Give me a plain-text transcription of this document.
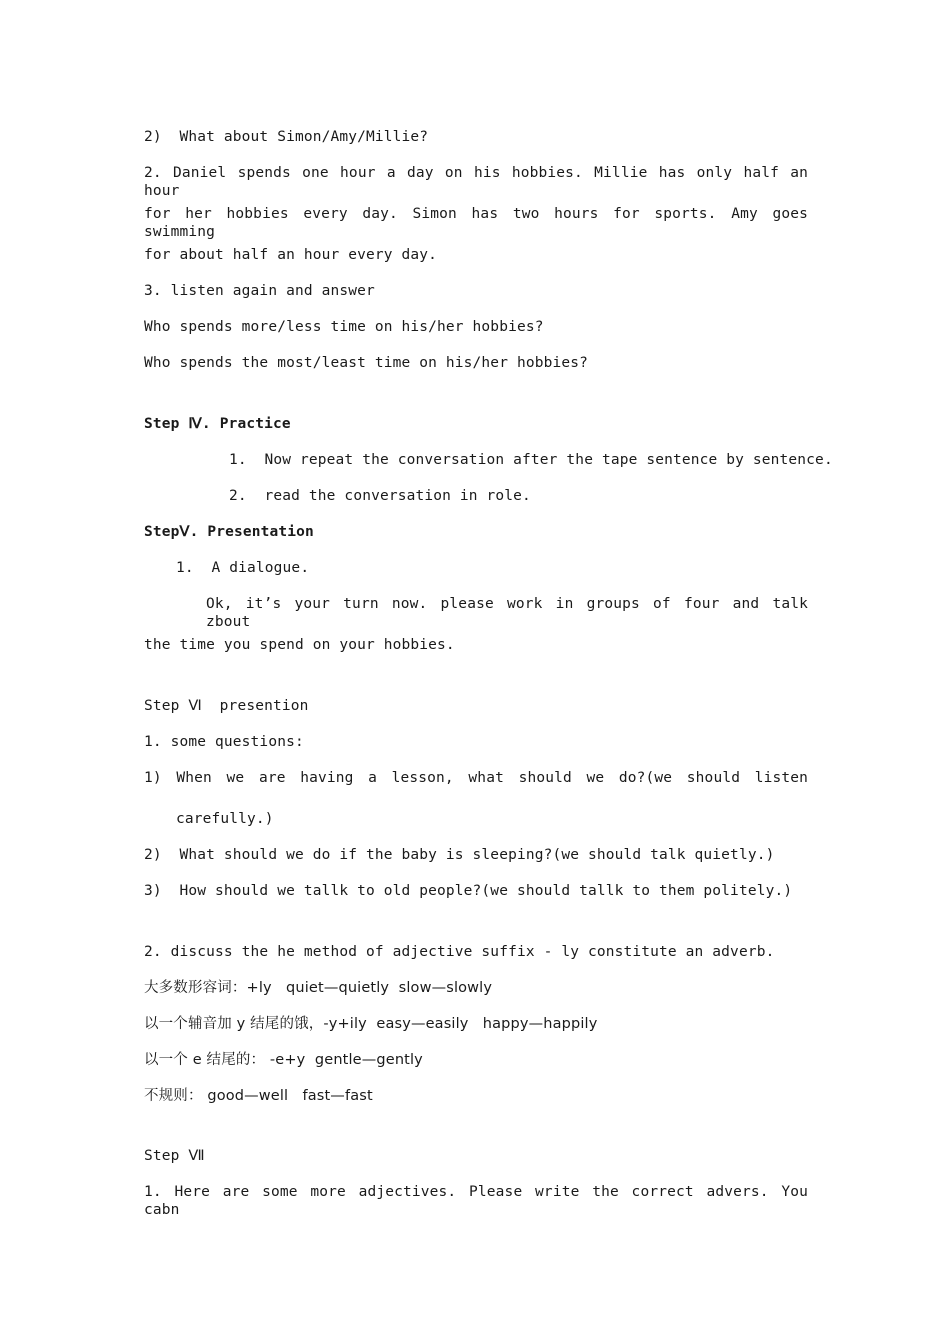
2)  What about Simon/Amy/Millie?
2. Daniel spends one hour a day on his hobbies. Millie has only half an hour
for her hobbies every day. Simon has two hours for sports. Amy goes swimming
for about half an hour every day.
3. listen again and answer
Who spends more/less time on his/her hobbies?
Who spends the most/least time on his/her hobbies?
Step Ⅳ. Practice
1.  Now repeat the conversation after the tape sentence by sentence.
2.  read the conversation in role.
StepⅤ. Presentation
1.  A dialogue.
Ok, it’s your turn now. please work in groups of four and talk zbout
the time you spend on your hobbies.
Step Ⅵ  presention
1. some questions:
1) When we are having a lesson, what should we do?(we should listen
carefully.)
2)  What should we do if the baby is sleeping?(we should talk quietly.)
3)  How should we tallk to old people?(we should tallk to them politely.)
2. discuss the he method of adjective suffix - ly constitute an adverb.
大多数形容词：+ly   quiet—quietly  slow—slowly
以一个辅音加 y 结尾的饿，-y+ily  easy—easily   happy—happily
以一个 e 结尾的： -e+y  gentle—gently
不规则： good—well   fast—fast
Step Ⅶ
1. Here are some more adjectives. Please write the correct advers. You cabn
